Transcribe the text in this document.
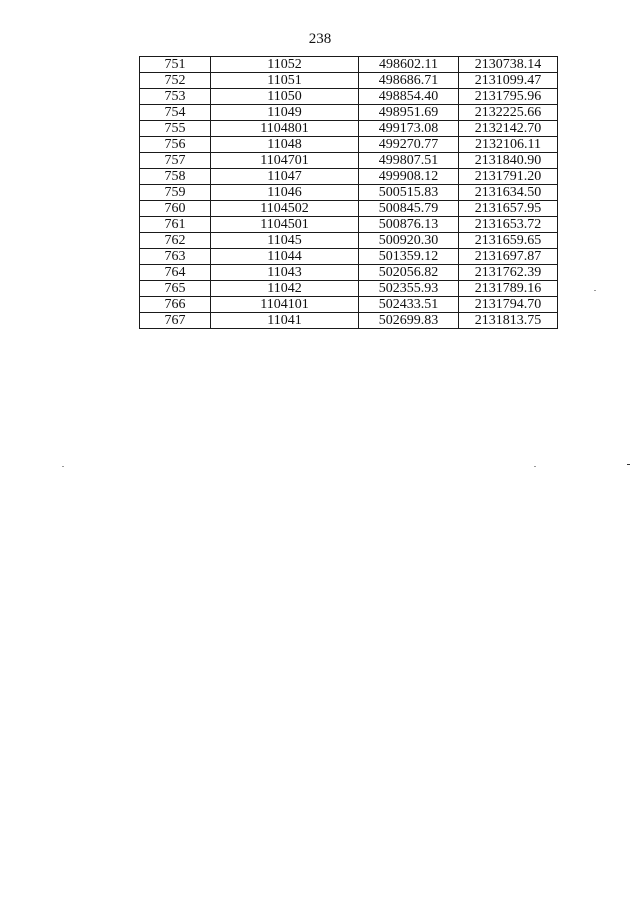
238
751	11052	498602.11	2130738.14
752	11051	498686.71	2131099.47
753	11050	498854.40	2131795.96
754	11049	498951.69	2132225.66
755	1104801	499173.08	2132142.70
756	11048	499270.77	2132106.11
757	1104701	499807.51	2131840.90
758	11047	499908.12	2131791.20
759	11046	500515.83	2131634.50
760	1104502	500845.79	2131657.95
761	1104501	500876.13	2131653.72
762	11045	500920.30	2131659.65
763	11044	501359.12	2131697.87
764	11043	502056.82	2131762.39
765	11042	502355.93	2131789.16
766	1104101	502433.51	2131794.70
767	11041	502699.83	2131813.75
